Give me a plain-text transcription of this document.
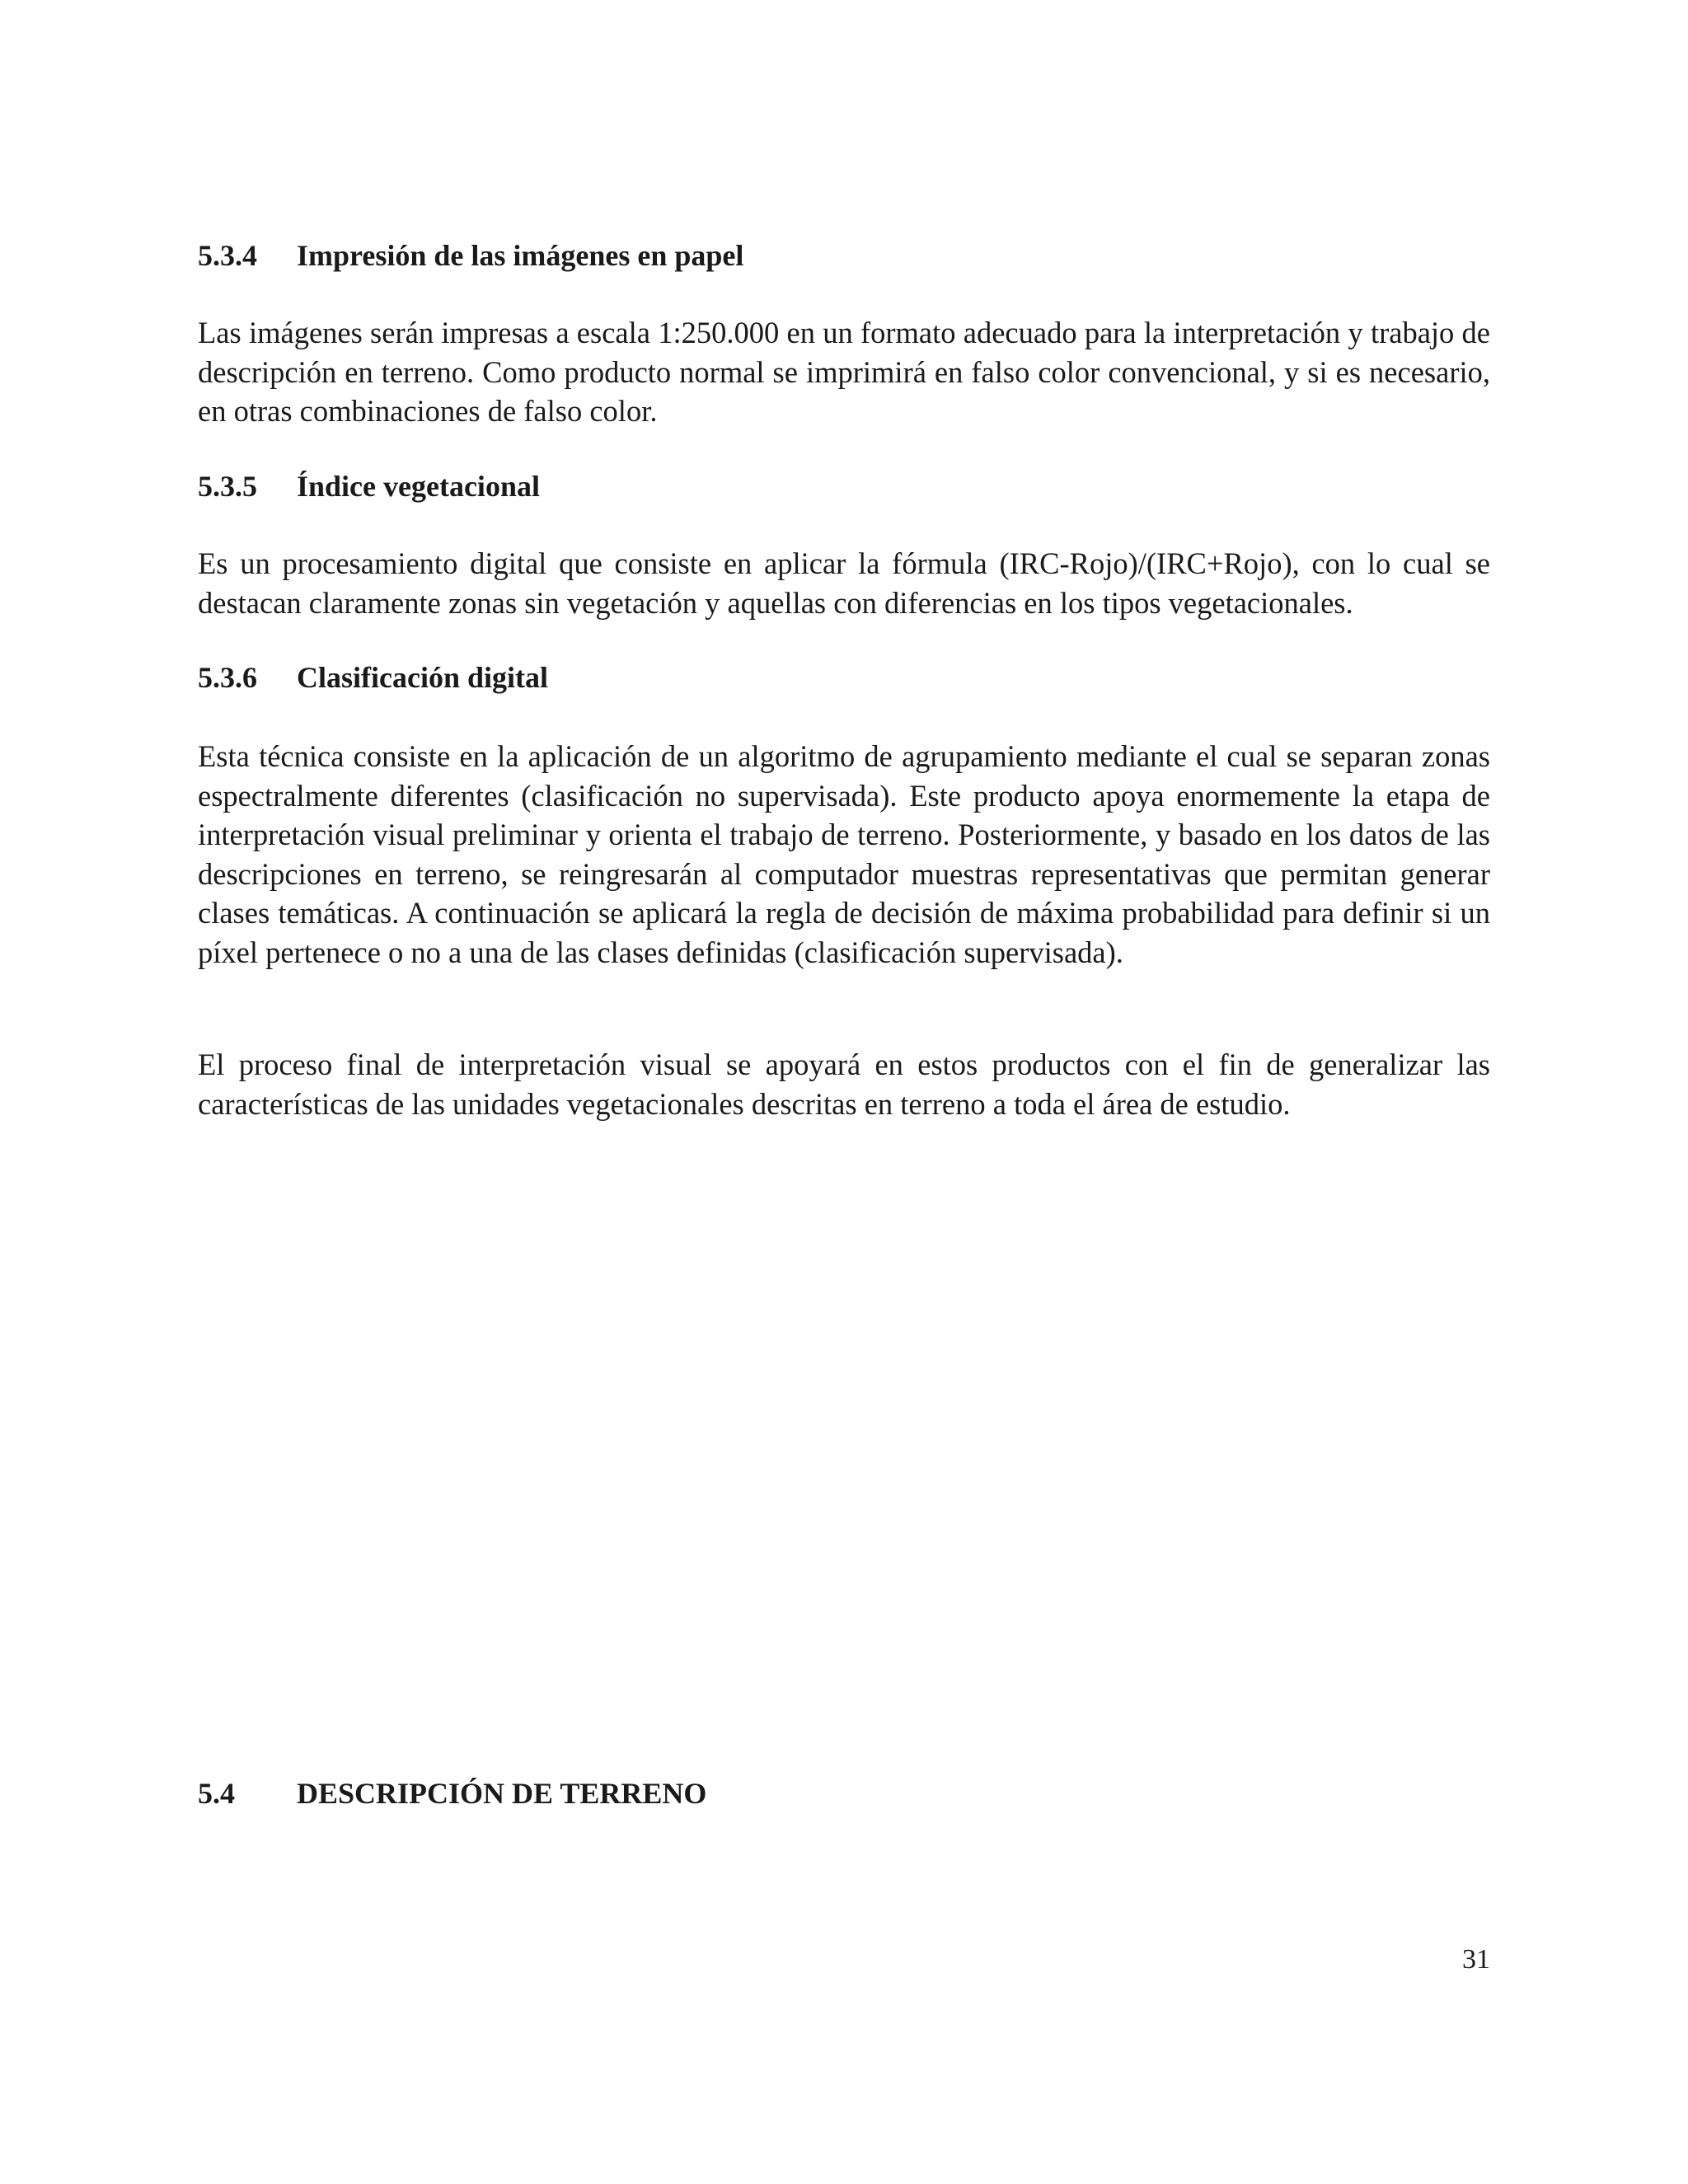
5.3.4 Impresión de las imágenes en papel

Las imágenes serán impresas a escala 1:250.000 en un formato adecuado para la interpretación y trabajo de descripción en terreno. Como producto normal se imprimirá en falso color convencional, y si es necesario, en otras combinaciones de falso color.

5.3.5 Índice vegetacional

Es un procesamiento digital que consiste en aplicar la fórmula (IRC-Rojo)/(IRC+Rojo), con lo cual se destacan claramente zonas sin vegetación y aquellas con diferencias en los tipos vegetacionales.

5.3.6 Clasificación digital

Esta técnica consiste en la aplicación de un algoritmo de agrupamiento mediante el cual se separan zonas espectralmente diferentes (clasificación no supervisada). Este producto apoya enormemente la etapa de interpretación visual preliminar y orienta el trabajo de terreno. Posteriormente, y basado en los datos de las descripciones en terreno, se reingresarán al computador muestras representativas que permitan generar clases temáticas. A continuación se aplicará la regla de decisión de máxima probabilidad para definir si un píxel pertenece o no a una de las clases definidas (clasificación supervisada).

El proceso final de interpretación visual se apoyará en estos productos con el fin de generalizar las características de las unidades vegetacionales descritas en terreno a toda el área de estudio.

5.4 DESCRIPCIÓN DE TERRENO
31
